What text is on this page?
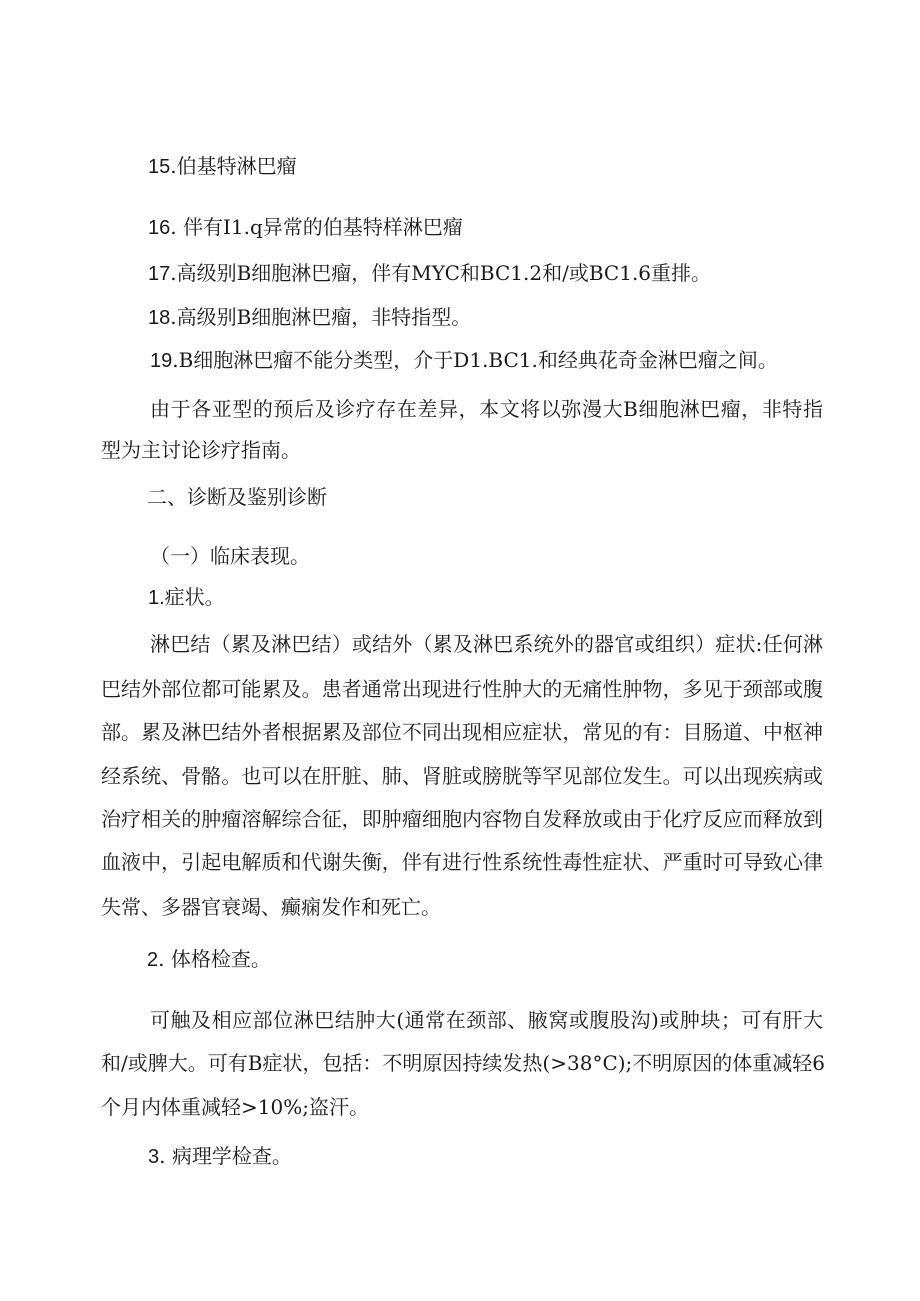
15.伯基特淋巴瘤
16. 伴有I1.q异常的伯基特样淋巴瘤
17.高级别B细胞淋巴瘤，伴有MYC和BC1.2和/或BC1.6重排。
18.高级别B细胞淋巴瘤，非特指型。
19.B细胞淋巴瘤不能分类型，介于D1.BC1.和经典花奇金淋巴瘤之间。
由于各亚型的预后及诊疗存在差异，本文将以弥漫大B细胞淋巴瘤，非特指
型为主讨论诊疗指南。
二、诊断及鉴别诊断
（一）临床表现。
1.症状。
淋巴结（累及淋巴结）或结外（累及淋巴系统外的器官或组织）症状:任何淋
巴结外部位都可能累及。患者通常出现进行性肿大的无痛性肿物，多见于颈部或腹
部。累及淋巴结外者根据累及部位不同出现相应症状，常见的有：目肠道、中枢神
经系统、骨骼。也可以在肝脏、肺、肾脏或膀胱等罕见部位发生。可以出现疾病或
治疗相关的肿瘤溶解综合征，即肿瘤细胞内容物自发释放或由于化疗反应而释放到
血液中，引起电解质和代谢失衡，伴有进行性系统性毒性症状、严重时可导致心律
失常、多器官衰竭、癫痫发作和死亡。
2. 体格检查。
可触及相应部位淋巴结肿大(通常在颈部、腋窝或腹股沟)或肿块；可有肝大
和/或脾大。可有B症状，包括：不明原因持续发热(>38°C);不明原因的体重减轻6
个月内体重减轻>10%;盗汗。
3. 病理学检查。
